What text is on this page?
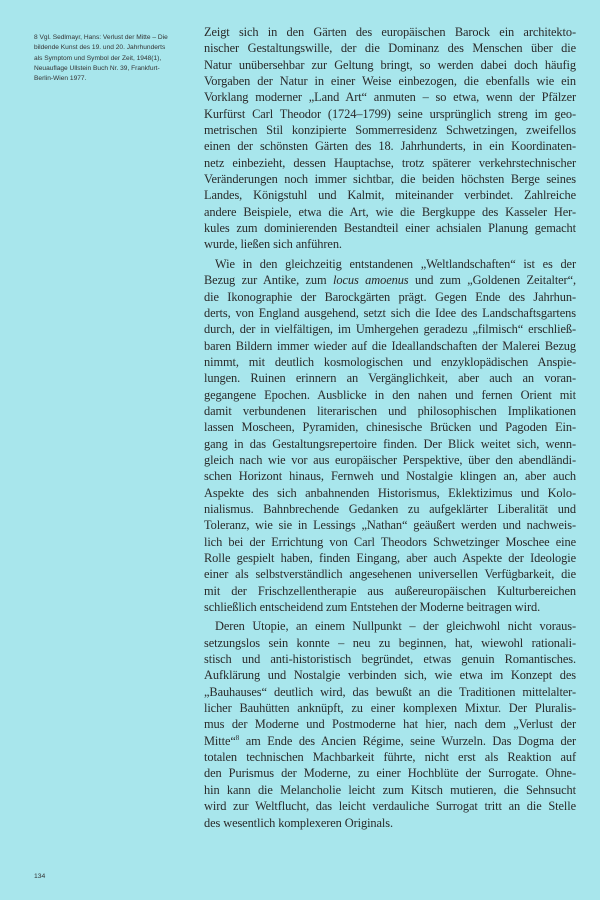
8 Vgl. Sedlmayr, Hans: Verlust der Mitte – Die

bildende Kunst des 19. und 20. Jahrhunderts

als Symptom und Symbol der Zeit, 1948(1),

Neuauflage Ullstein Buch Nr. 39, Frankfurt-

Berlin-Wien 1977.

Zeigt sich in den Gärten des europäischen Barock ein architekto-
nischer Gestaltungswille, der die Dominanz des Menschen über die
Natur unübersehbar zur Geltung bringt, so werden dabei doch häufig
Vorgaben der Natur in einer Weise einbezogen, die ebenfalls wie ein
Vorklang moderner „Land Art“ anmuten – so etwa, wenn der Pfälzer
Kurfürst Carl Theodor (1724–1799) seine ursprünglich streng im geo-
metrischen Stil konzipierte Sommerresidenz Schwetzingen, zweifellos
einen der schönsten Gärten des 18. Jahrhunderts, in ein Koordinaten-
netz einbezieht, dessen Hauptachse, trotz späterer verkehrstechnischer
Veränderungen noch immer sichtbar, die beiden höchsten Berge seines
Landes, Königstuhl und Kalmit, miteinander verbindet. Zahlreiche
andere Beispiele, etwa die Art, wie die Bergkuppe des Kasseler Her-
kules zum dominierenden Bestandteil einer achsialen Planung gemacht
wurde, ließen sich anführen.
Wie in den gleichzeitig entstandenen „Weltlandschaften“ ist es der
Bezug zur Antike, zum locus amoenus und zum „Goldenen Zeitalter“,
die Ikonographie der Barockgärten prägt. Gegen Ende des Jahrhun-
derts, von England ausgehend, setzt sich die Idee des Landschaftsgartens
durch, der in vielfältigen, im Umhergehen geradezu „filmisch“ erschließ-
baren Bildern immer wieder auf die Ideallandschaften der Malerei Bezug
nimmt, mit deutlich kosmologischen und enzyklopädischen Anspie-
lungen. Ruinen erinnern an Vergänglichkeit, aber auch an voran-
gegangene Epochen. Ausblicke in den nahen und fernen Orient mit
damit verbundenen literarischen und philosophischen Implikationen
lassen Moscheen, Pyramiden, chinesische Brücken und Pagoden Ein-
gang in das Gestaltungsrepertoire finden. Der Blick weitet sich, wenn-
gleich nach wie vor aus europäischer Perspektive, über den abendländi-
schen Horizont hinaus, Fernweh und Nostalgie klingen an, aber auch
Aspekte des sich anbahnenden Historismus, Eklektizimus und Kolo-
nialismus. Bahnbrechende Gedanken zu aufgeklärter Liberalität und
Toleranz, wie sie in Lessings „Nathan“ geäußert werden und nachweis-
lich bei der Errichtung von Carl Theodors Schwetzinger Moschee eine
Rolle gespielt haben, finden Eingang, aber auch Aspekte der Ideologie
einer als selbstverständlich angesehenen universellen Verfügbarkeit, die
mit der Frischzellentherapie aus außereuropäischen Kulturbereichen
schließlich entscheidend zum Entstehen der Moderne beitragen wird.
Deren Utopie, an einem Nullpunkt – der gleichwohl nicht voraus-
setzungslos sein konnte – neu zu beginnen, hat, wiewohl rationali-
stisch und anti-historistisch begründet, etwas genuin Romantisches.
Aufklärung und Nostalgie verbinden sich, wie etwa im Konzept des
„Bauhauses“ deutlich wird, das bewußt an die Traditionen mittelalter-
licher Bauhütten anknüpft, zu einer komplexen Mixtur. Der Pluralis-
mus der Moderne und Postmoderne hat hier, nach dem „Verlust der
Mitte“$^8$ am Ende des Ancien Régime, seine Wurzeln. Das Dogma der
totalen technischen Machbarkeit führte, nicht erst als Reaktion auf
den Purismus der Moderne, zu einer Hochblüte der Surrogate. Ohne-
hin kann die Melancholie leicht zum Kitsch mutieren, die Sehnsucht
wird zur Weltflucht, das leicht verdauliche Surrogat tritt an die Stelle
des wesentlich komplexeren Originals.
134
